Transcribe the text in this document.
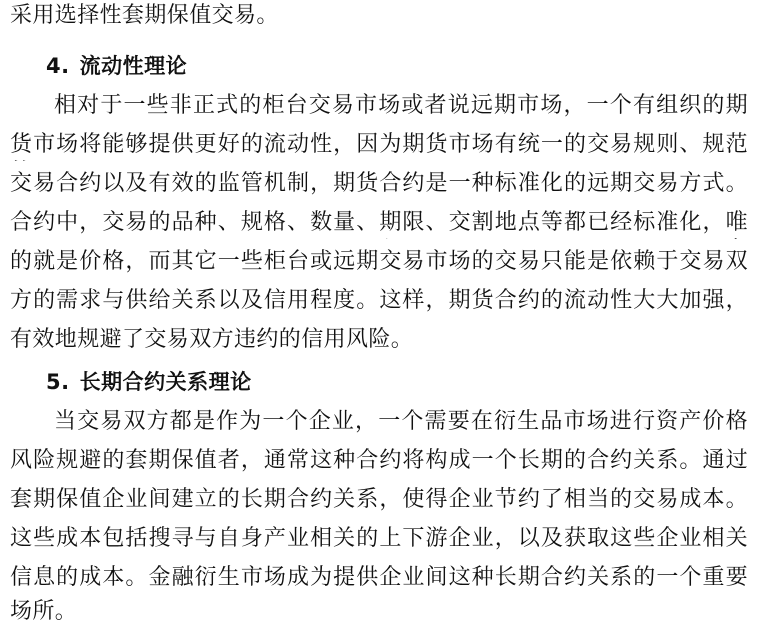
采用选择性套期保值交易。
4. 流动性理论
相对于一些非正式的柜台交易市场或者说远期市场，一个有组织的期
货市场将能够提供更好的流动性，因为期货市场有统一的交易规则、规范
交易合约以及有效的监管机制，期货合约是一种标准化的远期交易方式。
合约中，交易的品种、规格、数量、期限、交割地点等都已经标准化，唯
的就是价格，而其它一些柜台或远期交易市场的交易只能是依赖于交易双
方的需求与供给关系以及信用程度。这样，期货合约的流动性大大加强，
有效地规避了交易双方违约的信用风险。
5. 长期合约关系理论
当交易双方都是作为一个企业，一个需要在衍生品市场进行资产价格
风险规避的套期保值者，通常这种合约将构成一个长期的合约关系。通过
套期保值企业间建立的长期合约关系，使得企业节约了相当的交易成本。
这些成本包括搜寻与自身产业相关的上下游企业，以及获取这些企业相关
信息的成本。金融衍生市场成为提供企业间这种长期合约关系的一个重要
场所。
